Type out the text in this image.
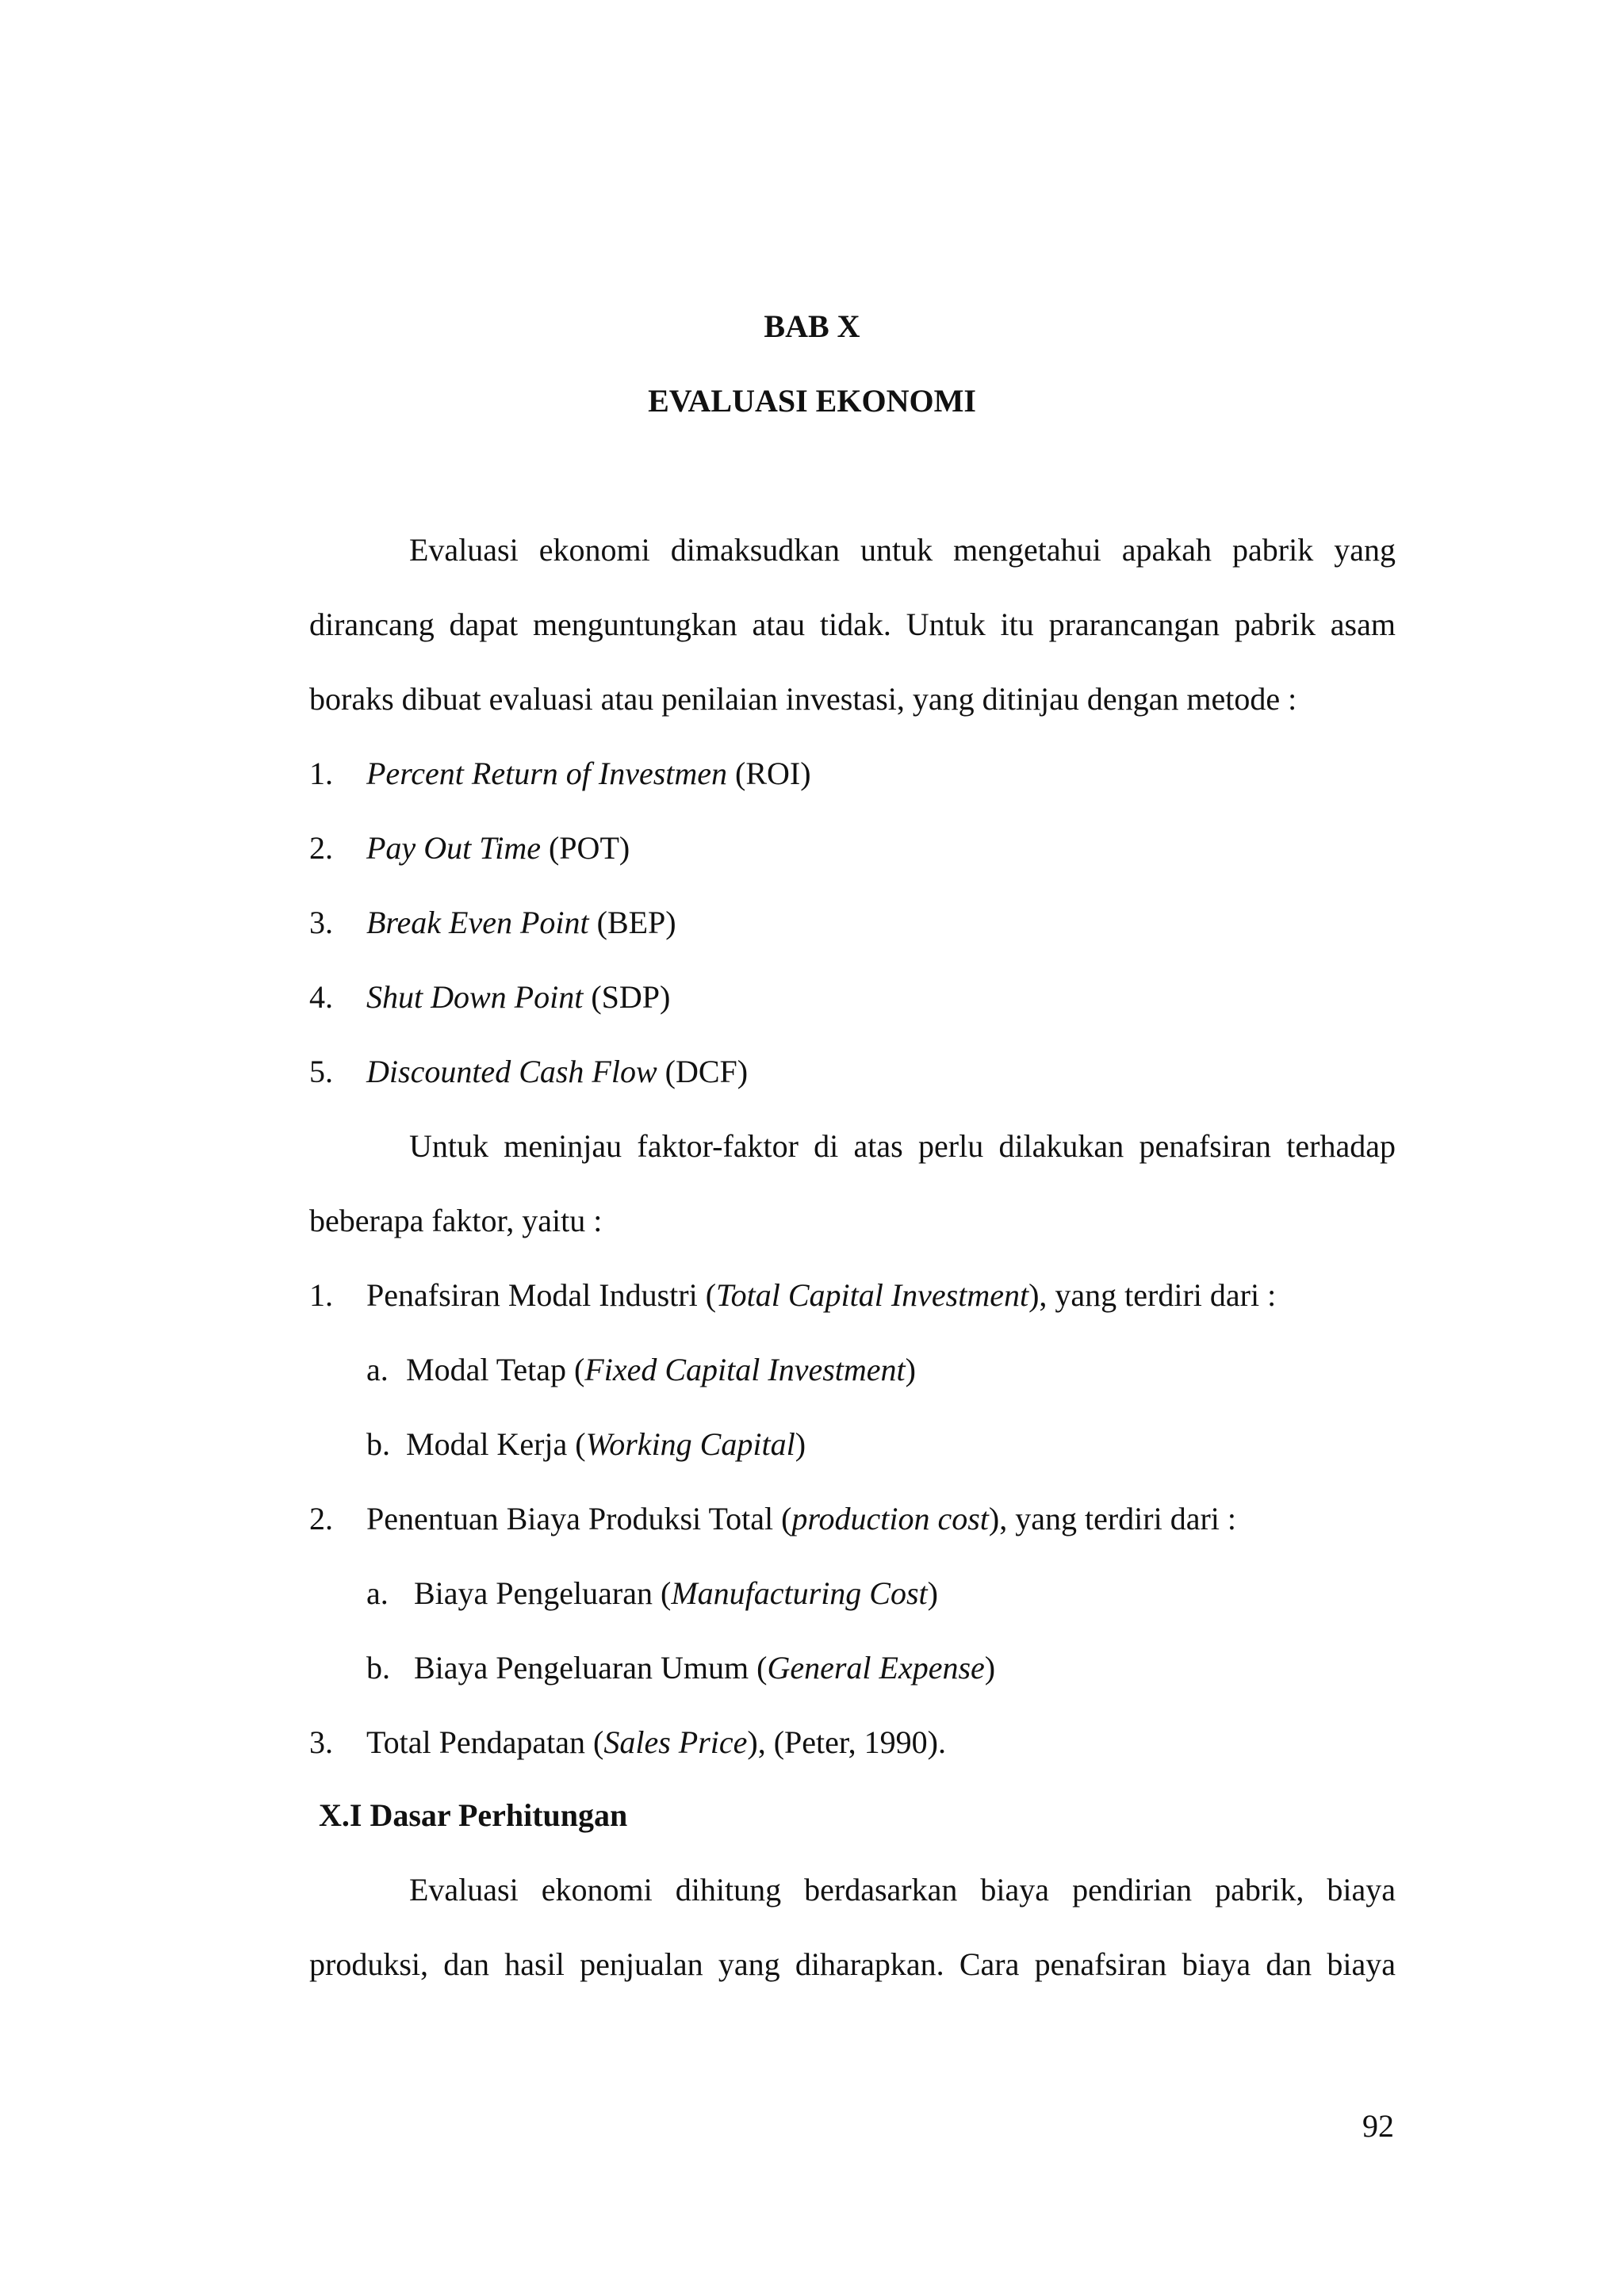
BAB X

EVALUASI EKONOMI

Evaluasi ekonomi dimaksudkan untuk mengetahui apakah pabrik yang

dirancang dapat menguntungkan atau tidak. Untuk itu prarancangan pabrik asam

boraks dibuat evaluasi atau penilaian investasi, yang ditinjau dengan metode :

1. Percent Return of Investmen (ROI)
2. Pay Out Time (POT)
3. Break Even Point (BEP)
4. Shut Down Point (SDP)
5. Discounted Cash Flow (DCF)

Untuk meninjau faktor-faktor di atas perlu dilakukan penafsiran terhadap

beberapa faktor, yaitu :

1. Penafsiran Modal Industri (Total Capital Investment), yang terdiri dari :
a. Modal Tetap (Fixed Capital Investment)
b. Modal Kerja (Working Capital)
2. Penentuan Biaya Produksi Total (production cost), yang terdiri dari :
a. Biaya Pengeluaran (Manufacturing Cost)
b. Biaya Pengeluaran Umum (General Expense)
3. Total Pendapatan (Sales Price), (Peter, 1990).

X.I Dasar Perhitungan

Evaluasi ekonomi dihitung berdasarkan biaya pendirian pabrik, biaya

produksi, dan hasil penjualan yang diharapkan. Cara penafsiran biaya dan biaya

92
